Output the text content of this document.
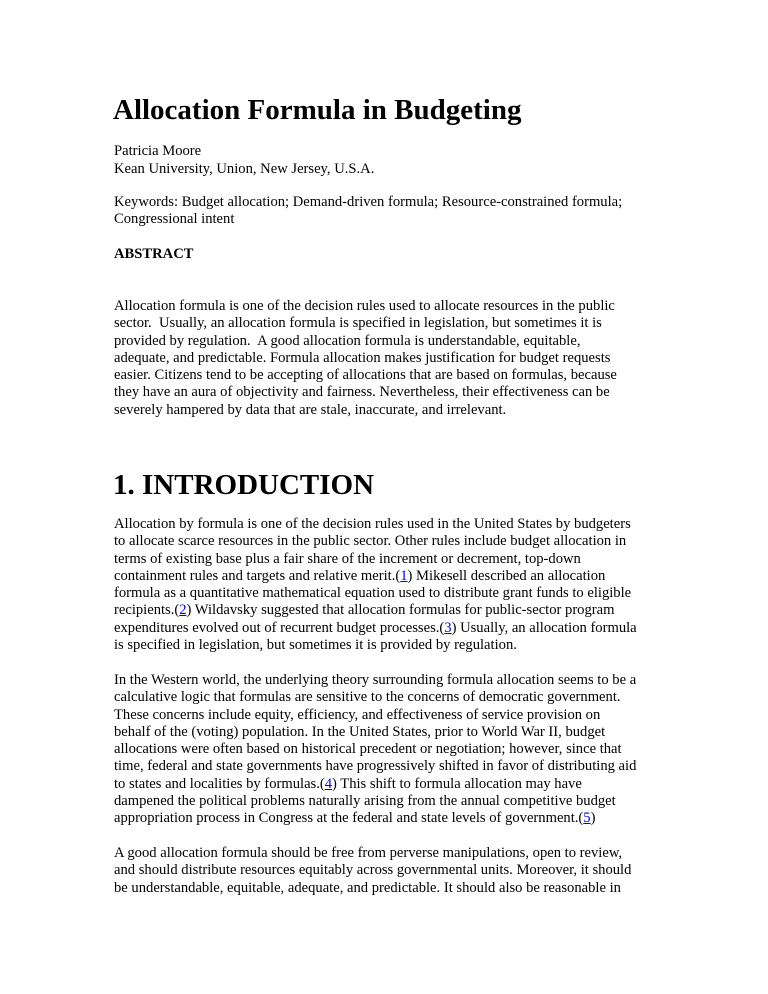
Allocation Formula in Budgeting
Patricia Moore
Kean University, Union, New Jersey, U.S.A.
Keywords: Budget allocation; Demand-driven formula; Resource-constrained formula;
Congressional intent
ABSTRACT
Allocation formula is one of the decision rules used to allocate resources in the public
sector.  Usually, an allocation formula is specified in legislation, but sometimes it is
provided by regulation.  A good allocation formula is understandable, equitable,
adequate, and predictable. Formula allocation makes justification for budget requests
easier. Citizens tend to be accepting of allocations that are based on formulas, because
they have an aura of objectivity and fairness. Nevertheless, their effectiveness can be
severely hampered by data that are stale, inaccurate, and irrelevant.
1. INTRODUCTION
Allocation by formula is one of the decision rules used in the United States by budgeters
to allocate scarce resources in the public sector. Other rules include budget allocation in
terms of existing base plus a fair share of the increment or decrement, top-down
containment rules and targets and relative merit.(1) Mikesell described an allocation
formula as a quantitative mathematical equation used to distribute grant funds to eligible
recipients.(2) Wildavsky suggested that allocation formulas for public-sector program
expenditures evolved out of recurrent budget processes.(3) Usually, an allocation formula
is specified in legislation, but sometimes it is provided by regulation.
In the Western world, the underlying theory surrounding formula allocation seems to be a
calculative logic that formulas are sensitive to the concerns of democratic government.
These concerns include equity, efficiency, and effectiveness of service provision on
behalf of the (voting) population. In the United States, prior to World War II, budget
allocations were often based on historical precedent or negotiation; however, since that
time, federal and state governments have progressively shifted in favor of distributing aid
to states and localities by formulas.(4) This shift to formula allocation may have
dampened the political problems naturally arising from the annual competitive budget
appropriation process in Congress at the federal and state levels of government.(5)
A good allocation formula should be free from perverse manipulations, open to review,
and should distribute resources equitably across governmental units. Moreover, it should
be understandable, equitable, adequate, and predictable. It should also be reasonable in
